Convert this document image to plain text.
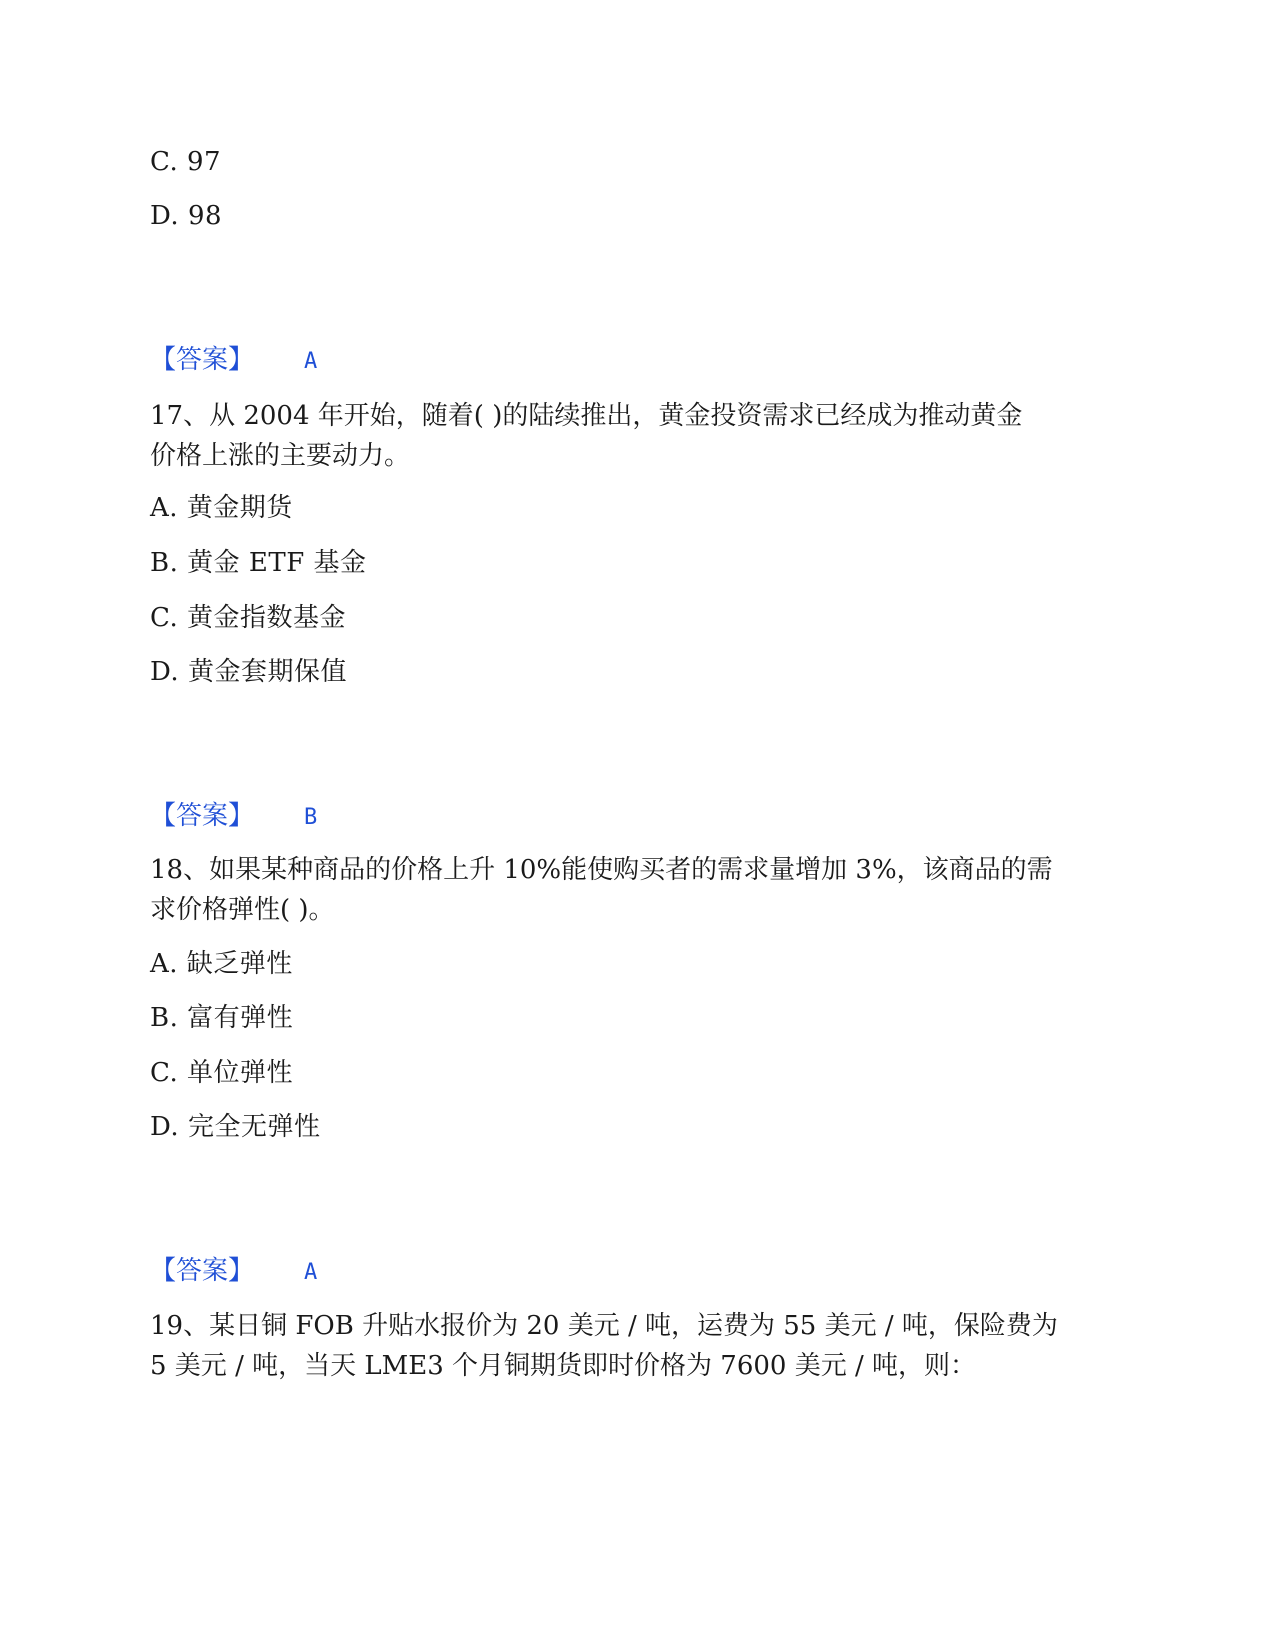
C. 97
D. 98
【答案】 A
17、从 2004 年开始，随着( )的陆续推出，黄金投资需求已经成为推动黄金
价格上涨的主要动力。
A. 黄金期货
B. 黄金 ETF 基金
C. 黄金指数基金
D. 黄金套期保值
【答案】 B
18、如果某种商品的价格上升 10%能使购买者的需求量增加 3%，该商品的需
求价格弹性( )。
A. 缺乏弹性
B. 富有弹性
C. 单位弹性
D. 完全无弹性
【答案】 A
19、某日铜 FOB 升贴水报价为 20 美元 / 吨，运费为 55 美元 / 吨，保险费为
5 美元 / 吨，当天 LME3 个月铜期货即时价格为 7600 美元 / 吨，则：
